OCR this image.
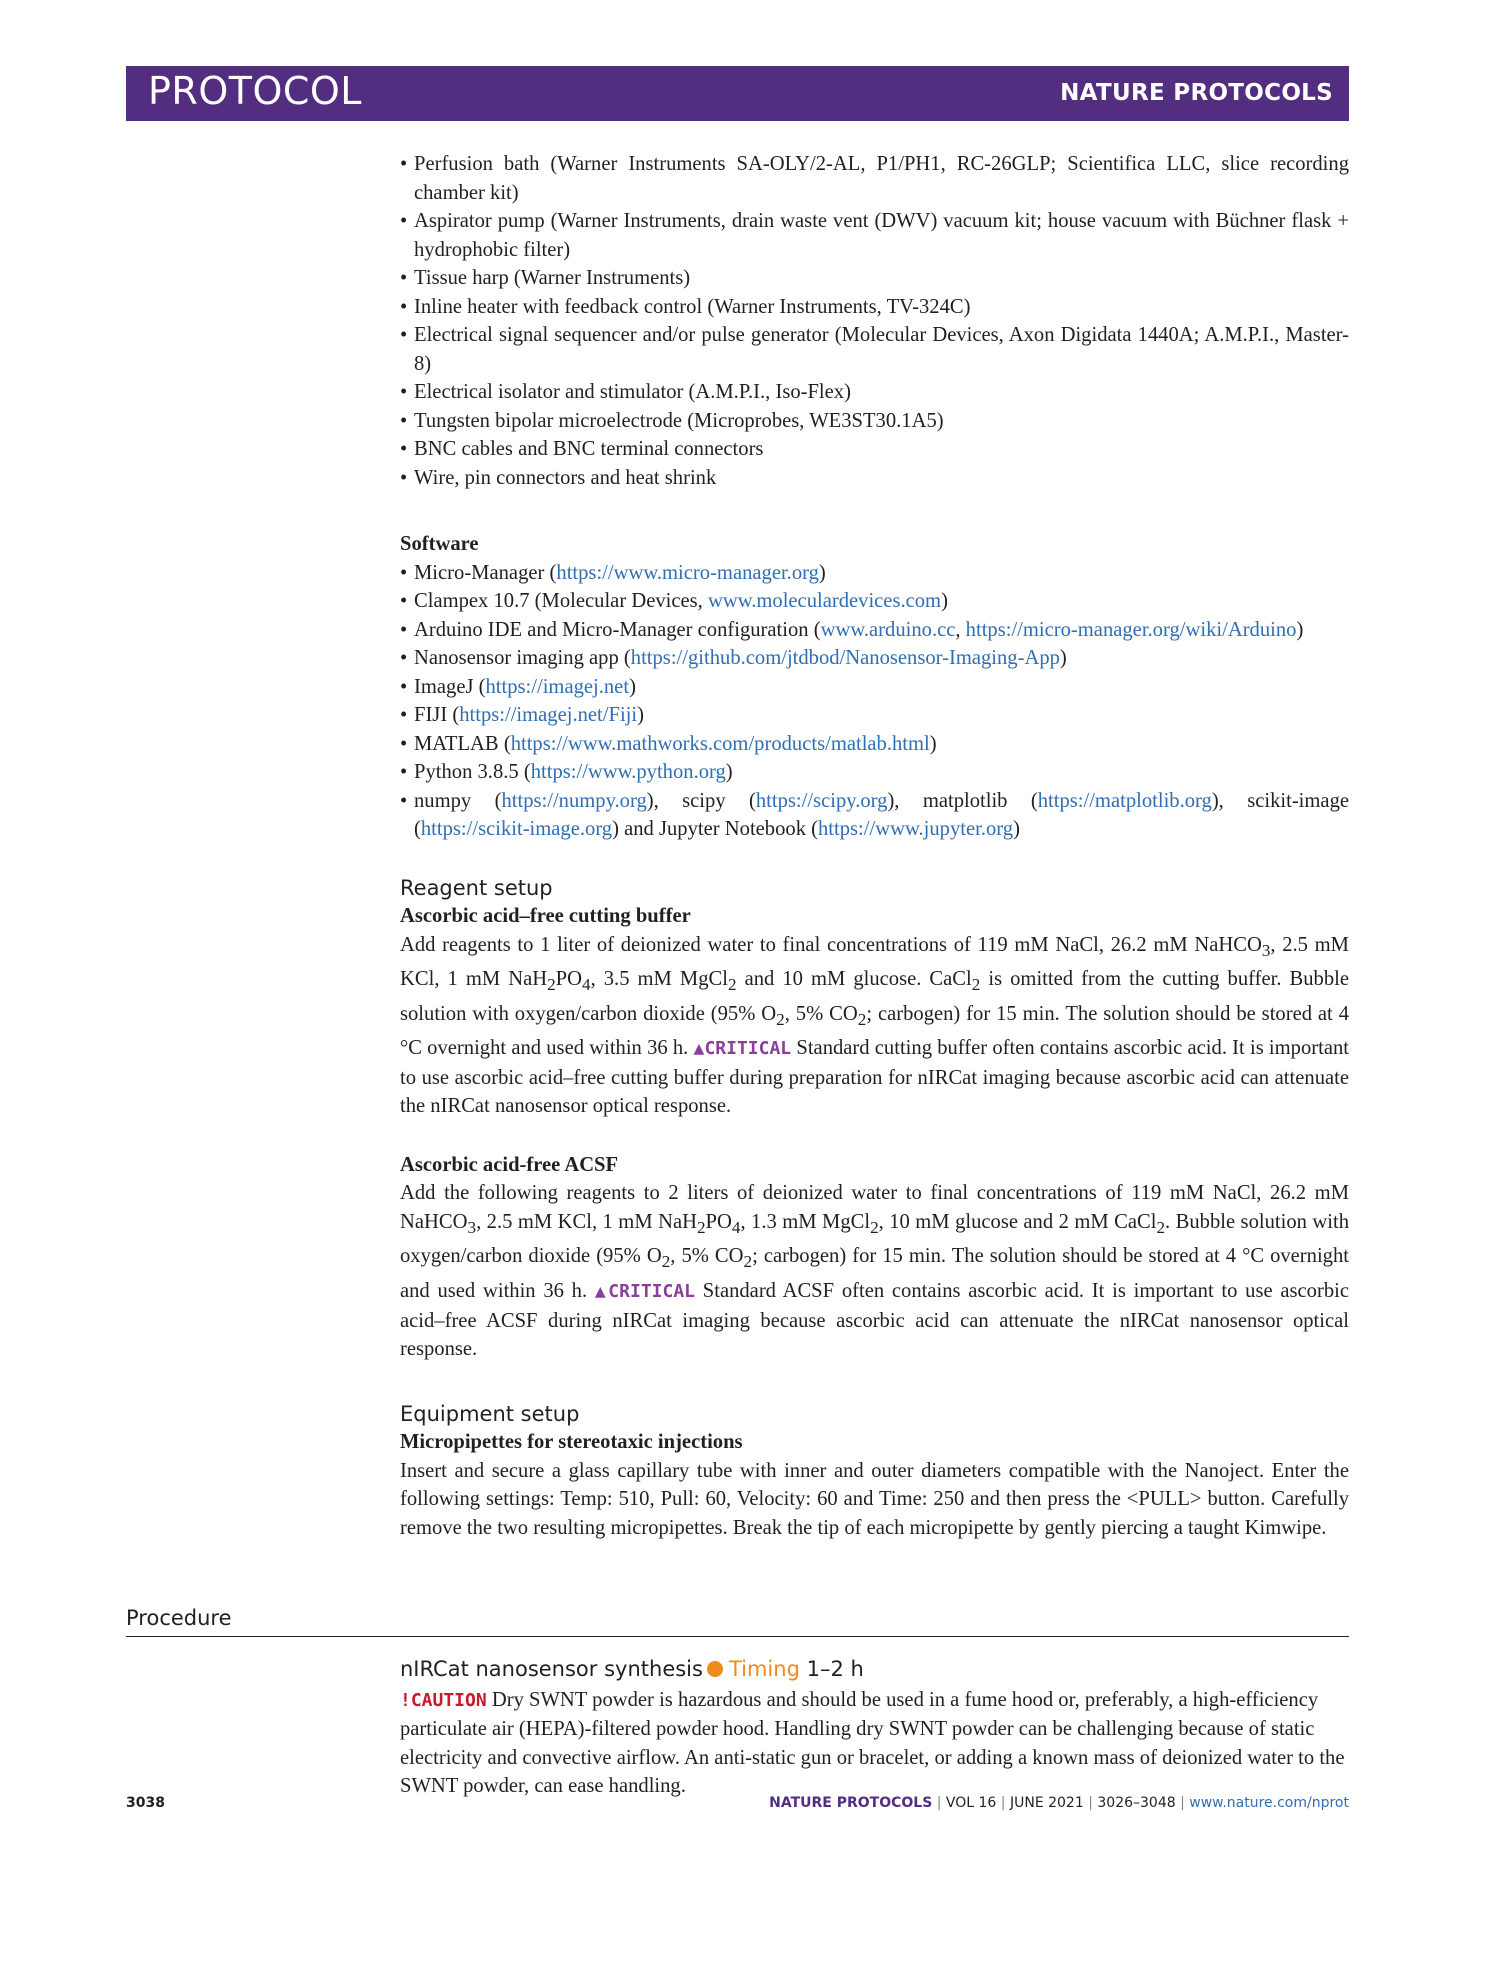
PROTOCOL	NATURE PROTOCOLS
• Perfusion bath (Warner Instruments SA-OLY/2-AL, P1/PH1, RC-26GLP; Scientifica LLC, slice recording chamber kit)
• Aspirator pump (Warner Instruments, drain waste vent (DWV) vacuum kit; house vacuum with Büchner flask + hydrophobic filter)
• Tissue harp (Warner Instruments)
• Inline heater with feedback control (Warner Instruments, TV-324C)
• Electrical signal sequencer and/or pulse generator (Molecular Devices, Axon Digidata 1440A; A.M.P.I., Master-8)
• Electrical isolator and stimulator (A.M.P.I., Iso-Flex)
• Tungsten bipolar microelectrode (Microprobes, WE3ST30.1A5)
• BNC cables and BNC terminal connectors
• Wire, pin connectors and heat shrink
Software
• Micro-Manager (https://www.micro-manager.org)
• Clampex 10.7 (Molecular Devices, www.moleculardevices.com)
• Arduino IDE and Micro-Manager configuration (www.arduino.cc, https://micro-manager.org/wiki/Arduino)
• Nanosensor imaging app (https://github.com/jtdbod/Nanosensor-Imaging-App)
• ImageJ (https://imagej.net)
• FIJI (https://imagej.net/Fiji)
• MATLAB (https://www.mathworks.com/products/matlab.html)
• Python 3.8.5 (https://www.python.org)
• numpy (https://numpy.org), scipy (https://scipy.org), matplotlib (https://matplotlib.org), scikit-image (https://scikit-image.org) and Jupyter Notebook (https://www.jupyter.org)
Reagent setup
Ascorbic acid–free cutting buffer

Add reagents to 1 liter of deionized water to final concentrations of 119 mM NaCl, 26.2 mM NaHCO$_3$, 2.5 mM KCl, 1 mM $NaH_2PO_4$, 3.5 mM MgCl$_2$ and 10 mM glucose. CaCl$_2$ is omitted from the cutting buffer. Bubble solution with oxygen/carbon dioxide (95% $O_2$, 5% $CO_2$; carbogen) for 15 min. The solution should be stored at 4 °C overnight and used within 36 h. ▲CRITICAL Standard cutting buffer often contains ascorbic acid. It is important to use ascorbic acid–free cutting buffer during preparation for nIRCat imaging because ascorbic acid can attenuate the nIRCat nanosensor optical response.

Ascorbic acid-free ACSF

Add the following reagents to 2 liters of deionized water to final concentrations of 119 mM NaCl, 26.2 mM NaHCO$_3$, 2.5 mM KCl, 1 mM $NaH_2PO_4$, 1.3 mM MgCl$_2$, 10 mM glucose and 2 mM CaCl$_2$. Bubble solution with oxygen/carbon dioxide (95% $O_2$, 5% $CO_2$; carbogen) for 15 min. The solution should be stored at 4 °C overnight and used within 36 h. ▲CRITICAL Standard ACSF often contains ascorbic acid. It is important to use ascorbic acid–free ACSF during nIRCat imaging because ascorbic acid can attenuate the nIRCat nanosensor optical response.

Equipment setup
Micropipettes for stereotaxic injections

Insert and secure a glass capillary tube with inner and outer diameters compatible with the Nanoject. Enter the following settings: Temp: 510, Pull: 60, Velocity: 60 and Time: 250 and then press the <PULL> button. Carefully remove the two resulting micropipettes. Break the tip of each micropipette by gently piercing a taught Kimwipe.

Procedure
nIRCat nanosensor synthesis Timing 1–2 h

!CAUTION Dry SWNT powder is hazardous and should be used in a fume hood or, preferably, a high-efficiency particulate air (HEPA)-filtered powder hood. Handling dry SWNT powder can be challenging because of static electricity and convective airflow. An anti-static gun or bracelet, or adding a known mass of deionized water to the SWNT powder, can ease handling.

3038	NATURE PROTOCOLS | VOL 16 | JUNE 2021 | 3026–3048 | www.nature.com/nprot
